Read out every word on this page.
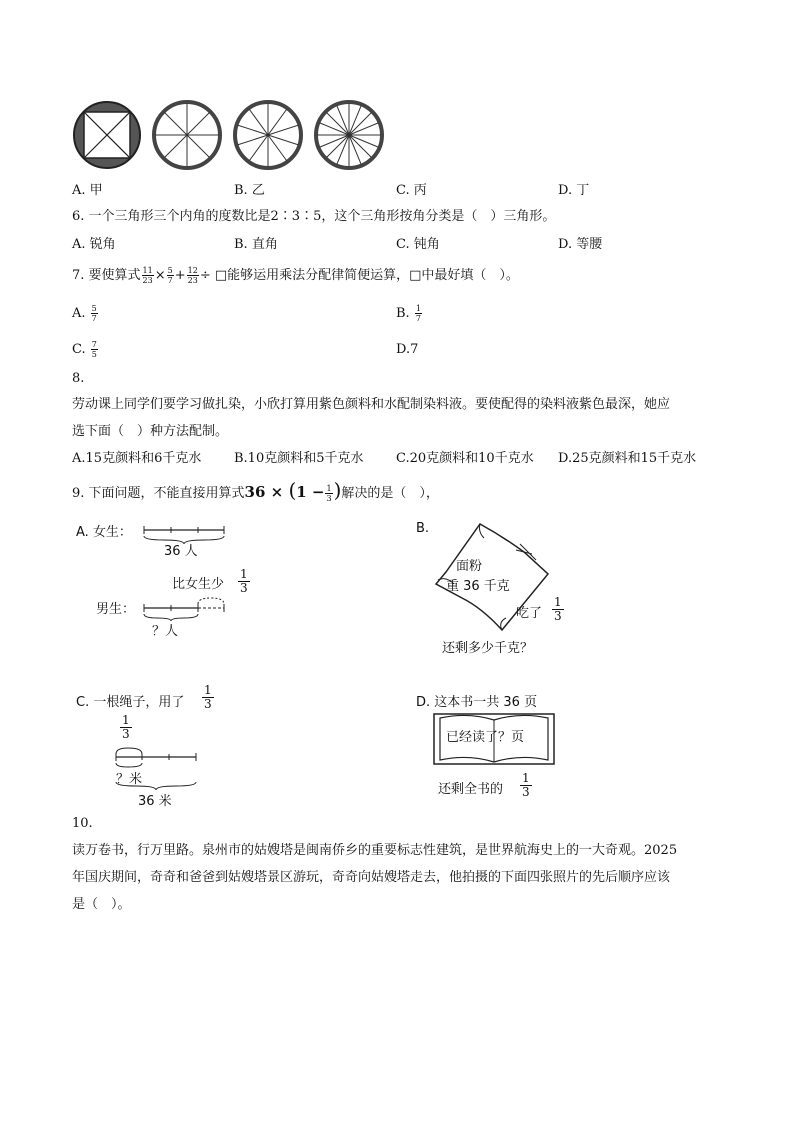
A. 甲	B. 乙	C. 丙	D. 丁
6. 一个三角形三个内角的度数比是2∶3∶5，这个三角形按角分类是（　）三角形。
A. 锐角	B. 直角	C. 钝角	D. 等腰
7. 要使算式 $\frac{11}{23} \times \frac{5}{7} + \frac{12}{23}$ ÷ □能够运用乘法分配律简便运算，□中最好填（　）。
A. $\frac{5}{7}$	B. $\frac{1}{7}$
C. $\frac{7}{5}$	D.7
8.
劳动课上同学们要学习做扎染，小欣打算用紫色颜料和水配制染料液。要使配得的染料液紫色最深，她应
选下面（　）种方法配制。
A.15克颜料和6千克水	B.10克颜料和5千克水	C.20克颜料和10千克水 D.25克颜料和15千克水
9. 下面问题，不能直接用算式$36 \times (1 - \frac{1}{3}$ )解决的是（　），
A. 女生：
36 人
比女生少 $\frac{1}{3}$
男生：
？人
B.
面粉
重 36 千克
吃了 $\frac{1}{3}$
还剩多少千克？
C. 一根绳子，用了 $\frac{1}{3}$
$\frac{1}{3}$
？米
36 米
D. 这本书一共 36 页
已经读了？页
还剩全书的 $\frac{1}{3}$
10.
读万卷书，行万里路。泉州市的姑嫂塔是闽南侨乡的重要标志性建筑，是世界航海史上的一大奇观。2025
年国庆期间，奇奇和爸爸到姑嫂塔景区游玩，奇奇向姑嫂塔走去，他拍摄的下面四张照片的先后顺序应该
是（　）。
